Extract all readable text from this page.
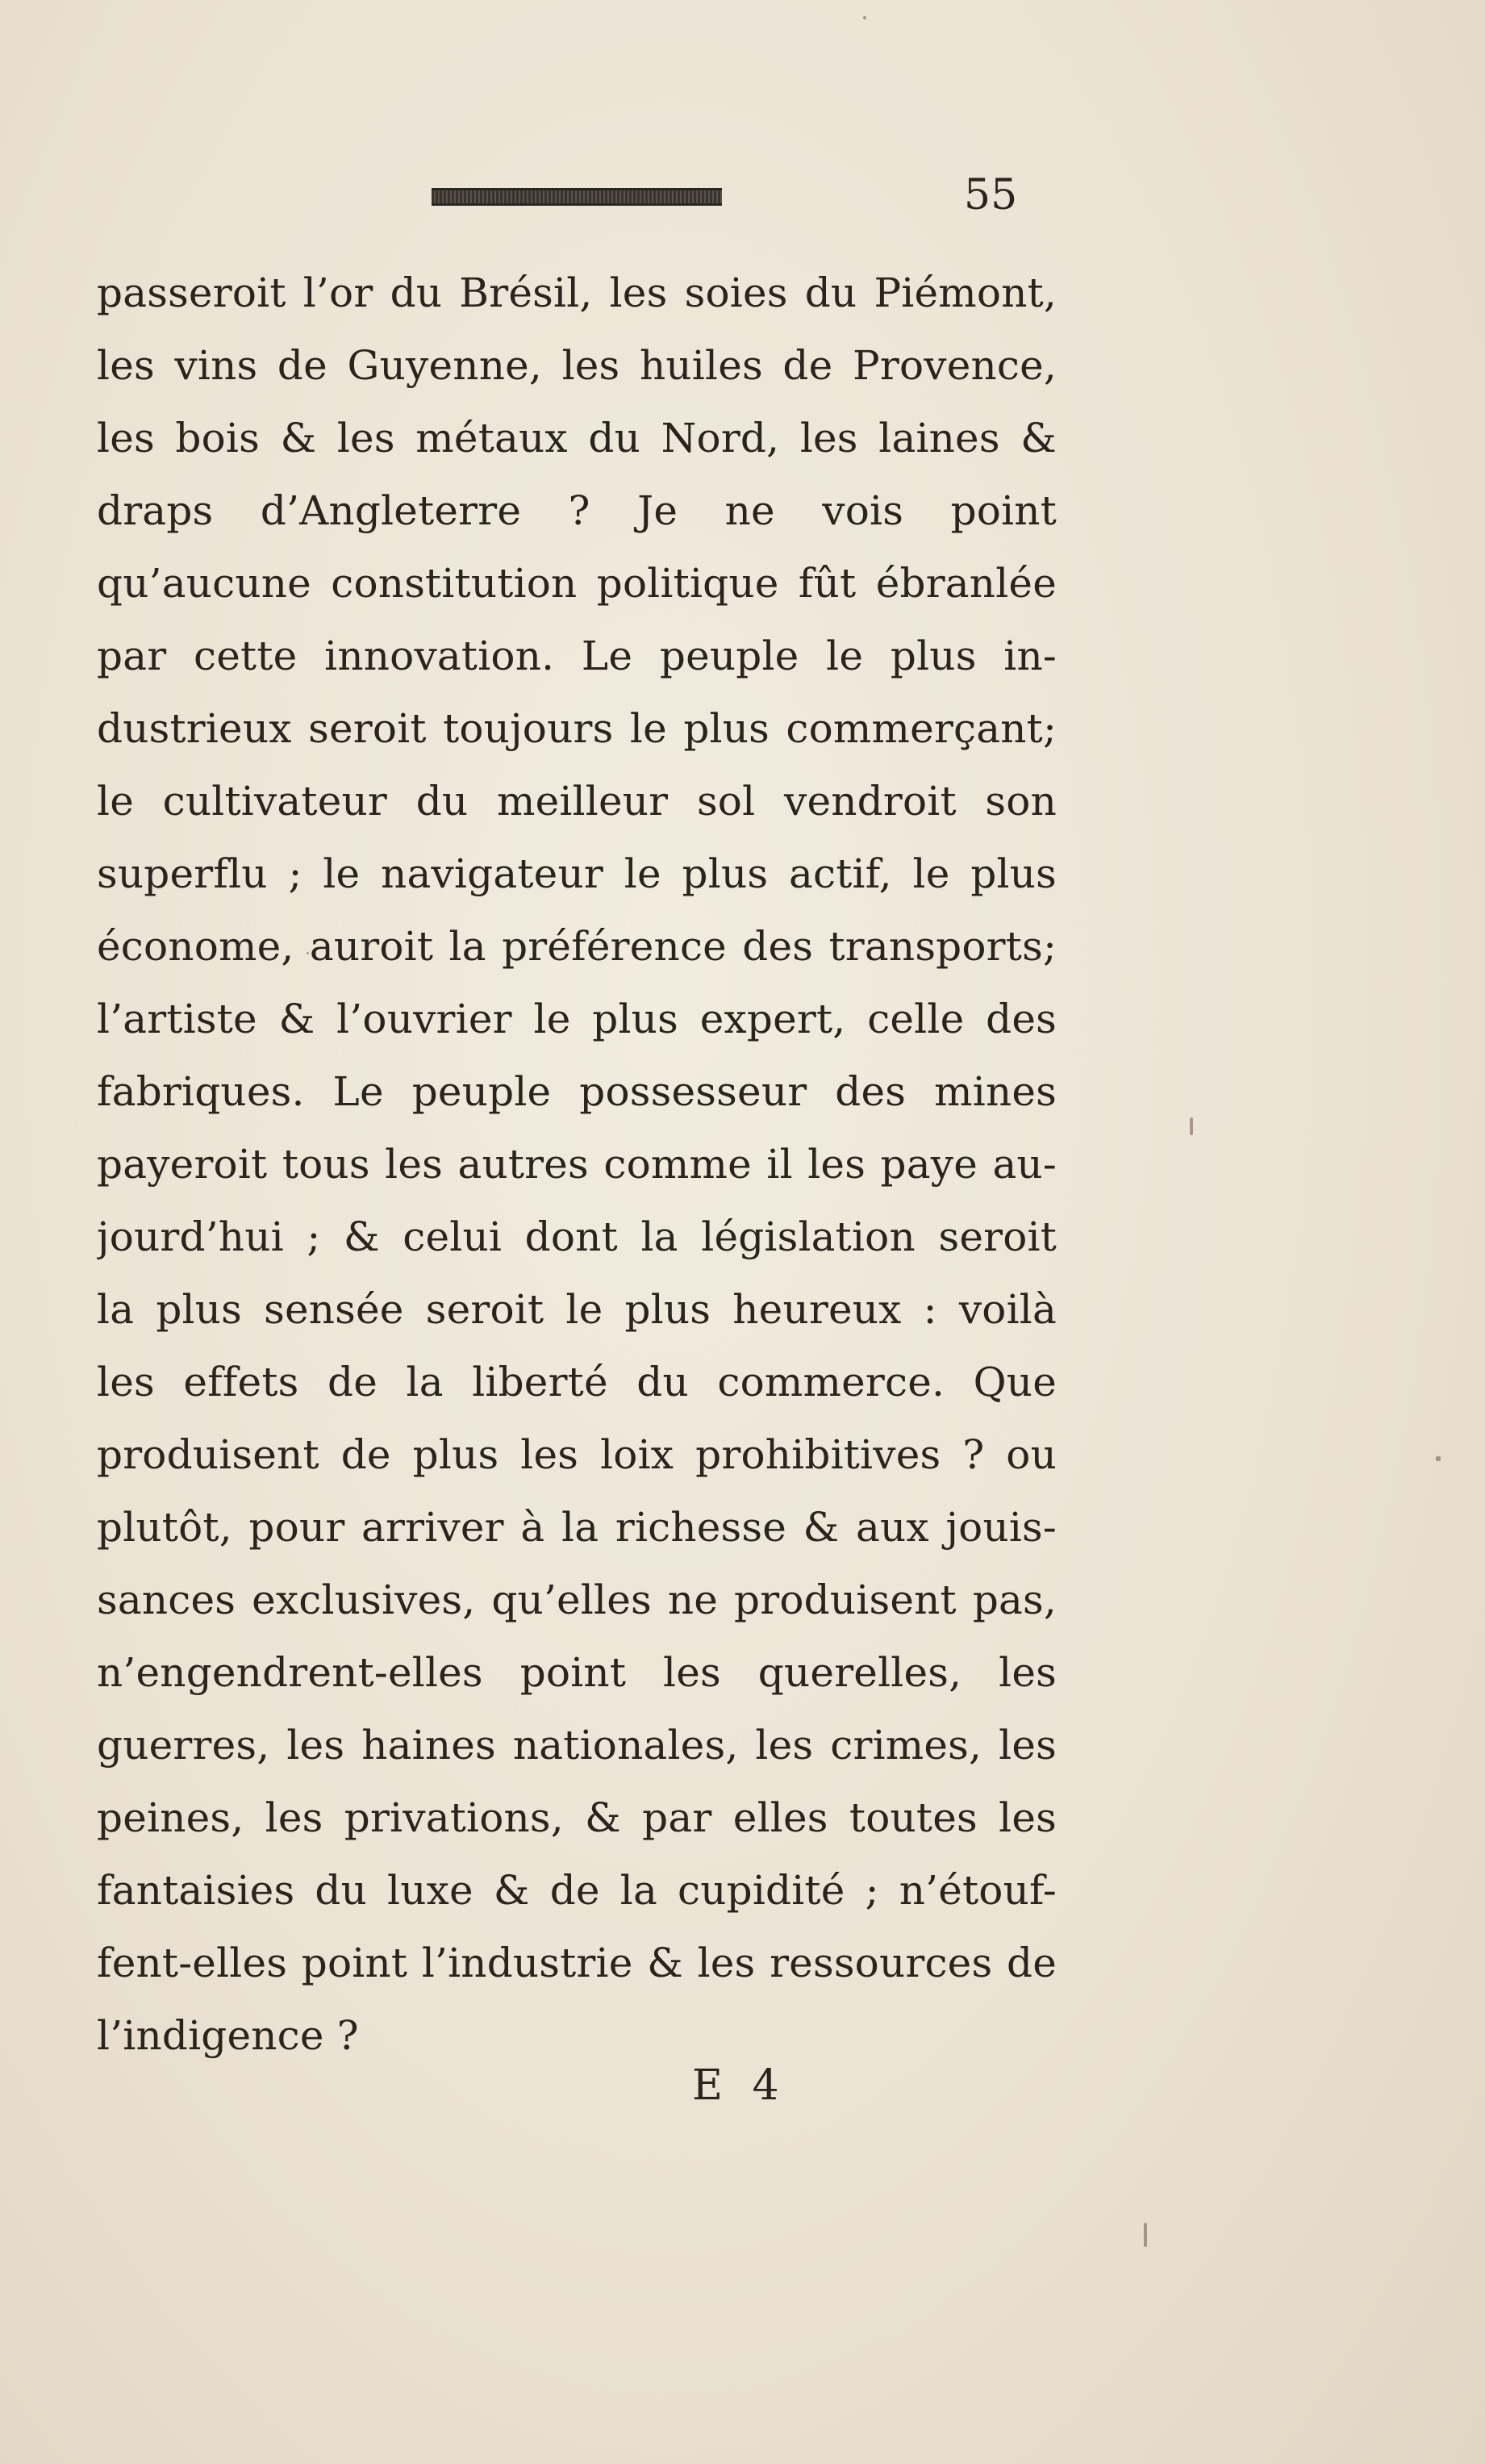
55
passeroit l’or du Brésil, les soies du Piémont,
les vins de Guyenne, les huiles de Provence,
les bois & les métaux du Nord, les laines &
draps d’Angleterre ? Je ne vois point
qu’aucune constitution politique fût ébranlée
par cette innovation. Le peuple le plus in-
dustrieux seroit toujours le plus commerçant;
le cultivateur du meilleur sol vendroit son
superflu ; le navigateur le plus actif, le plus
économe, auroit la préférence des transports;
l’artiste & l’ouvrier le plus expert, celle des
fabriques. Le peuple possesseur des mines
payeroit tous les autres comme il les paye au-
jourd’hui ; & celui dont la législation seroit
la plus sensée seroit le plus heureux : voilà
les effets de la liberté du commerce. Que
produisent de plus les loix prohibitives ? ou
plutôt, pour arriver à la richesse & aux jouis-
sances exclusives, qu’elles ne produisent pas,
n’engendrent-elles point les querelles, les
guerres, les haines nationales, les crimes, les
peines, les privations, & par elles toutes les
fantaisies du luxe & de la cupidité ; n’étouf-
fent-elles point l’industrie & les ressources de
l’indigence ?
E 4
